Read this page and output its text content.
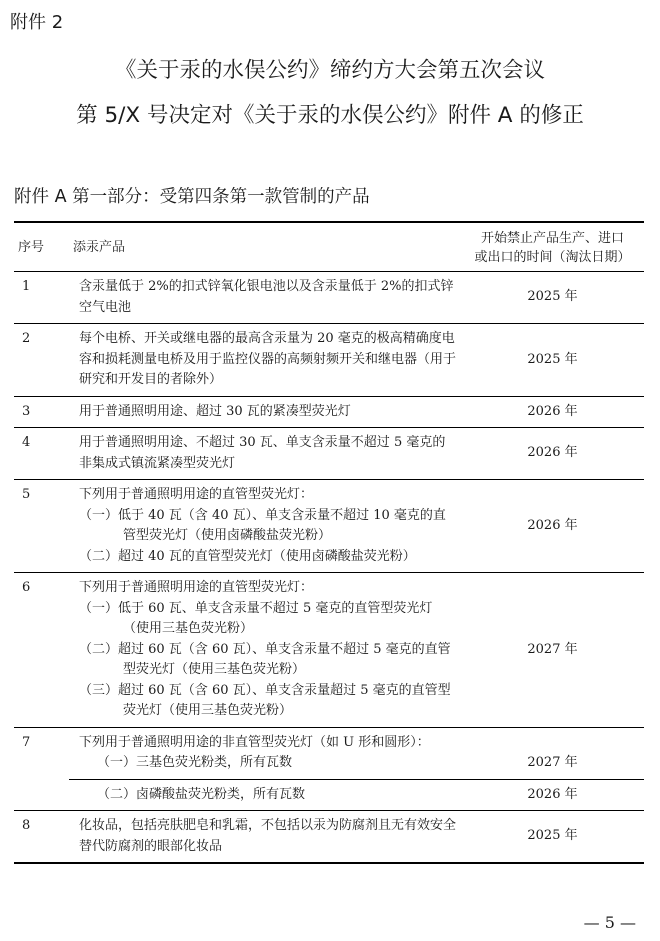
附件 2
《关于汞的水俣公约》缔约方大会第五次会议
第 5/X 号决定对《关于汞的水俣公约》附件 A 的修正
附件 A 第一部分：受第四条第一款管制的产品
序号	添汞产品	开始禁止产品生产、进口
或出口的时间（淘汰日期）
1	含汞量低于 2%的扣式锌氧化银电池以及含汞量低于 2%的扣式锌空气电池	2025 年
2	每个电桥、开关或继电器的最高含汞量为 20 毫克的极高精确度电容和损耗测量电桥及用于监控仪器的高频射频开关和继电器（用于研究和开发目的者除外）	2025 年
3	用于普通照明用途、超过 30 瓦的紧凑型荧光灯	2026 年
4	用于普通照明用途、不超过 30 瓦、单支含汞量不超过 5 毫克的非集成式镇流紧凑型荧光灯	2026 年
5	下列用于普通照明用途的直管型荧光灯：
（一）低于 40 瓦（含 40 瓦）、单支含汞量不超过 10 毫克的直管型荧光灯（使用卤磷酸盐荧光粉）
（二）超过 40 瓦的直管型荧光灯（使用卤磷酸盐荧光粉）	2026 年
6	下列用于普通照明用途的直管型荧光灯：
（一）低于 60 瓦、单支含汞量不超过 5 毫克的直管型荧光灯（使用三基色荧光粉）
（二）超过 60 瓦（含 60 瓦）、单支含汞量不超过 5 毫克的直管型荧光灯（使用三基色荧光粉）
（三）超过 60 瓦（含 60 瓦）、单支含汞量超过 5 毫克的直管型荧光灯（使用三基色荧光粉）	2027 年
7	下列用于普通照明用途的非直管型荧光灯（如 U 形和圆形）：
（一）三基色荧光粉类，所有瓦数	2027 年

	（二）卤磷酸盐荧光粉类，所有瓦数	2026 年
8	化妆品，包括亮肤肥皂和乳霜，不包括以汞为防腐剂且无有效安全替代防腐剂的眼部化妆品	2025 年
— 5 —
